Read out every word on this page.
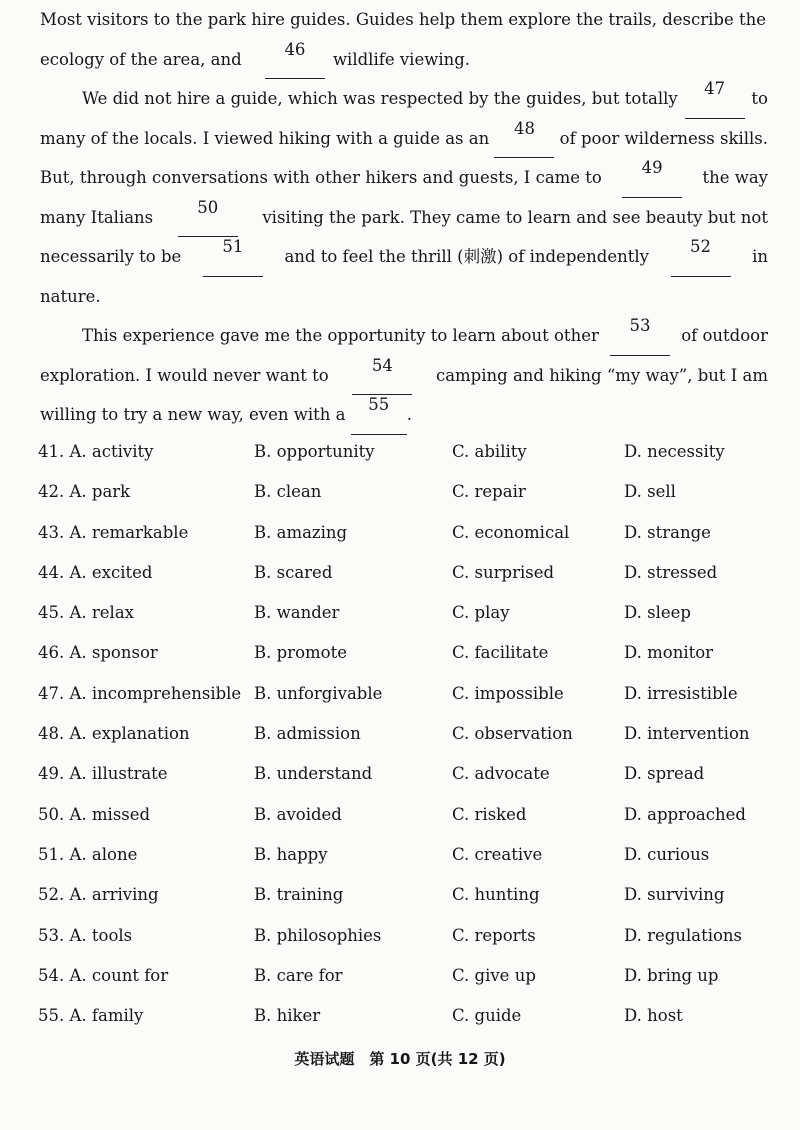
Most visitors to the park hire guides. Guides help them explore the trails, describe the
ecology of the area, and

46
wildlife viewing.

We did not hire a guide, which was respected by the guides, but totally
47
to
many of the locals. I viewed hiking with a guide as an
48
of poor wilderness skills.
But, through conversations with other hikers and guests, I came to
49
the way
many Italians
50
visiting the park. They came to learn and see beauty but not
necessarily to be
51
and to feel the thrill (刺激) of independently
52
in
nature.

This experience gave me the opportunity to learn about other
53
of outdoor
exploration. I would never want to
54
camping and hiking “my way”, but I am
willing to try a new way, even with a

55
.

41. A. activity	B. opportunity	C. ability	D. necessity
42. A. park	B. clean	C. repair	D. sell
43. A. remarkable	B. amazing	C. economical	D. strange
44. A. excited	B. scared	C. surprised	D. stressed
45. A. relax	B. wander	C. play	D. sleep
46. A. sponsor	B. promote	C. facilitate	D. monitor
47. A. incomprehensible B. unforgivable	C. impossible	D. irresistible
48. A. explanation	B. admission	C. observation	D. intervention
49. A. illustrate	B. understand	C. advocate	D. spread
50. A. missed	B. avoided	C. risked	D. approached
51. A. alone	B. happy	C. creative	D. curious
52. A. arriving	B. training	C. hunting	D. surviving
53. A. tools	B. philosophies	C. reports	D. regulations
54. A. count for	B. care for	C. give up	D. bring up
55. A. family	B. hiker	C. guide	D. host
英语试题　第 10 页(共 12 页)
